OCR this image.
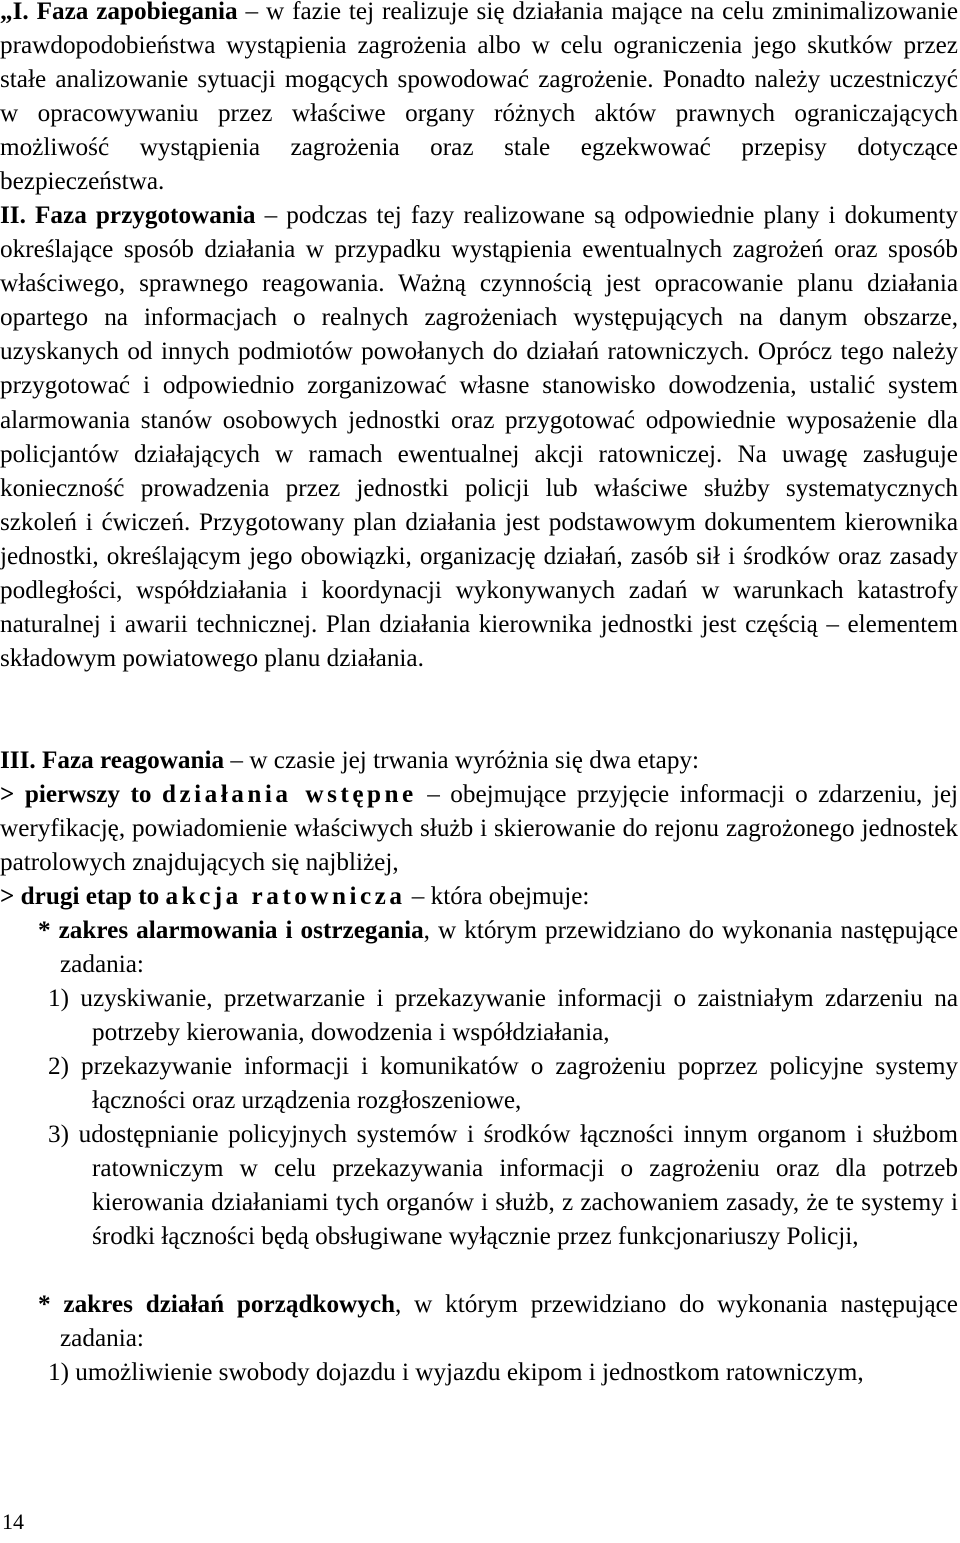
„I. Faza zapobiegania – w fazie tej realizuje się działania mające na celu zminimalizowanie prawdopodobieństwa wystąpienia zagrożenia albo w celu ograniczenia jego skutków przez stałe analizowanie sytuacji mogących spowodować zagrożenie. Ponadto należy uczestniczyć w opracowywaniu przez właściwe organy różnych aktów prawnych ograniczających możliwość wystąpienia zagrożenia oraz stale egzekwować przepisy dotyczące bezpieczeństwa.

II. Faza przygotowania – podczas tej fazy realizowane są odpowiednie plany i dokumenty określające sposób działania w przypadku wystąpienia ewentualnych zagrożeń oraz sposób właściwego, sprawnego reagowania. Ważną czynnością jest opracowanie planu działania opartego na informacjach o realnych zagrożeniach występujących na danym obszarze, uzyskanych od innych podmiotów powołanych do działań ratowniczych. Oprócz tego należy przygotować i odpowiednio zorganizować własne stanowisko dowodzenia, ustalić system alarmowania stanów osobowych jednostki oraz przygotować odpowiednie wyposażenie dla policjantów działających w ramach ewentualnej akcji ratowniczej. Na uwagę zasługuje konieczność prowadzenia przez jednostki policji lub właściwe służby systematycznych szkoleń i ćwiczeń. Przygotowany plan działania jest podstawowym dokumentem kierownika jednostki, określającym jego obowiązki, organizację działań, zasób sił i środków oraz zasady podległości, współdziałania i koordynacji wykonywanych zadań w warunkach katastrofy naturalnej i awarii technicznej. Plan działania kierownika jednostki jest częścią – elementem składowym powiatowego planu działania.

III. Faza reagowania – w czasie jej trwania wyróżnia się dwa etapy:

> pierwszy to działania wstępne – obejmujące przyjęcie informacji o zdarzeniu, jej weryfikację, powiadomienie właściwych służb i skierowanie do rejonu zagrożonego jednostek patrolowych znajdujących się najbliżej,

> drugi etap to akcja ratownicza – która obejmuje:

* zakres alarmowania i ostrzegania, w którym przewidziano do wykonania następujące zadania:

1) uzyskiwanie, przetwarzanie i przekazywanie informacji o zaistniałym zdarzeniu na potrzeby kierowania, dowodzenia i współdziałania,

2) przekazywanie informacji i komunikatów o zagrożeniu poprzez policyjne systemy łączności oraz urządzenia rozgłoszeniowe,

3) udostępnianie policyjnych systemów i środków łączności innym organom i służbom ratowniczym w celu przekazywania informacji o zagrożeniu oraz dla potrzeb kierowania działaniami tych organów i służb, z zachowaniem zasady, że te systemy i środki łączności będą obsługiwane wyłącznie przez funkcjonariuszy Policji,

* zakres działań porządkowych, w którym przewidziano do wykonania następujące zadania:

1) umożliwienie swobody dojazdu i wyjazdu ekipom i jednostkom ratowniczym,

14
